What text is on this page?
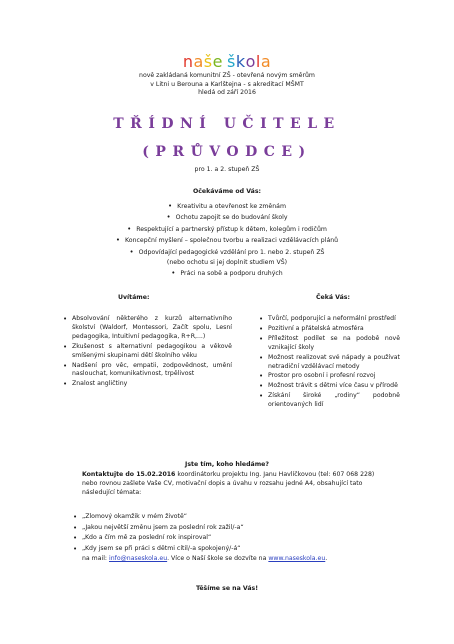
našeškola
nově zakládaná komunitní ZŠ - otevřená novým směrům
v Litni u Berouna a Karlštejna - s akreditací MŠMT
hledá od září 2016
TŘÍDNÍ UČITELE
(PRŮVODCE)
pro 1. a 2. stupeň ZŠ
Očekáváme od Vás:
• Kreativitu a otevřenost ke změnám
• Ochotu zapojit se do budování školy
• Respektující a partnerský přístup k dětem, kolegům i rodičům
• Koncepční myšlení – společnou tvorbu a realizaci vzdělávacích plánů
• Odpovídající pedagogické vzdělání pro 1. nebo 2. stupeň ZŠ
(nebo ochotu si jej doplnit studiem VŠ)
• Práci na sobě a podporu druhých
Uvítáme:	Čeká Vás:
• Absolvování některého z kurzů alternativního školství (Waldorf, Montessori, Začít spolu, Lesní pedagogika, Intuitivní pedagogika, R+R,...)
• Zkušenost s alternativní pedagogikou a věkově smíšenými skupinami dětí školního věku
• Nadšení pro věc, empatii, zodpovědnost, umění naslouchat, komunikativnost, trpělivost
• Znalost angličtiny
• Tvůrčí, podporující a neformální prostředí
• Pozitivní a přátelská atmosféra
• Příležitost podílet se na podobě nově vznikající školy
• Možnost realizovat své nápady a používat netradiční vzdělávací metody
• Prostor pro osobní i profesní rozvoj
• Možnost trávit s dětmi více času v přírodě
• Získání široké „rodiny“ podobně orientovaných lidí
Jste tím, koho hledáme?
Kontaktujte do 15.02.2016 koordinátorku projektu Ing. Janu Havlíčkovou (tel: 607 068 228) nebo rovnou zašlete Vaše CV, motivační dopis a úvahu v rozsahu jedné A4, obsahující tato následující témata:
• „Zlomový okamžik v mém životě“
• „Jakou největší změnu jsem za poslední rok zažil/-a“
• „Kdo a čím mě za poslední rok inspiroval“
• „Kdy jsem se při práci s dětmi cítil/-a spokojený/-á“
na mail: info@naseskola.eu. Více o Naší škole se dozvíte na www.naseskola.eu.
Těšíme se na Vás!
